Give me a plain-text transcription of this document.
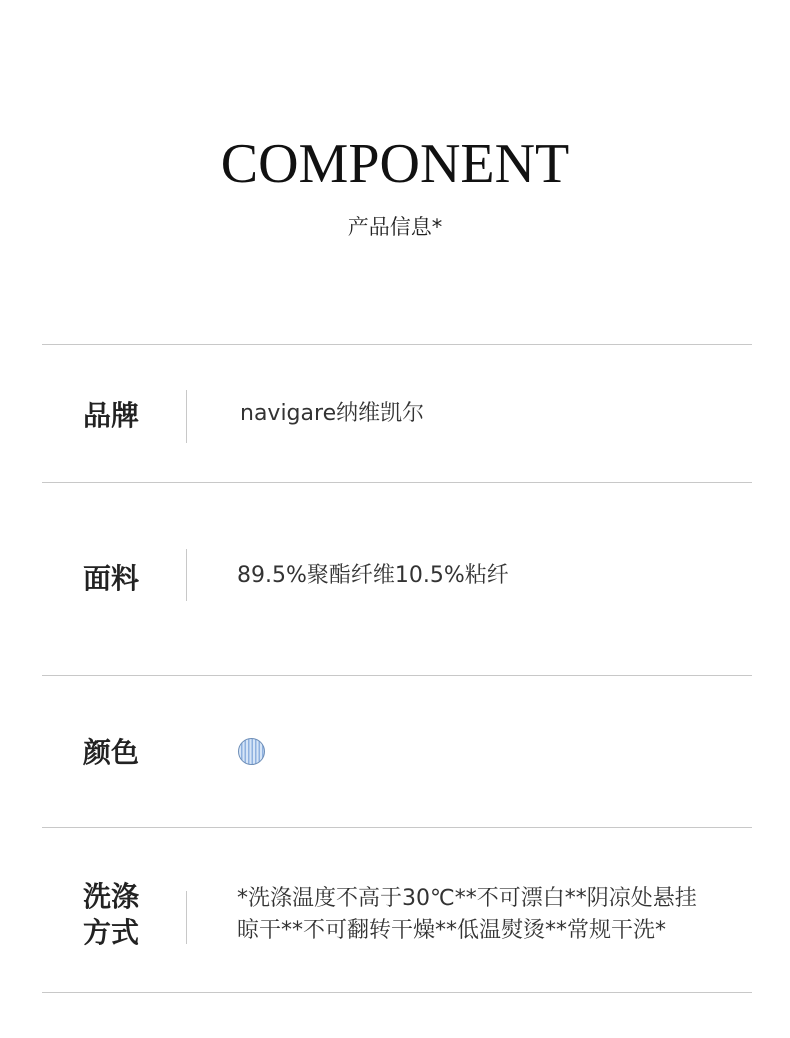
COMPONENT
产品信息*
品牌	navigare纳维凯尔
面料	89.5%聚酯纤维10.5%粘纤
颜色
洗涤
方式
*洗涤温度不高于30℃**不可漂白**阴凉处悬挂
晾干**不可翻转干燥**低温熨烫**常规干洗*
